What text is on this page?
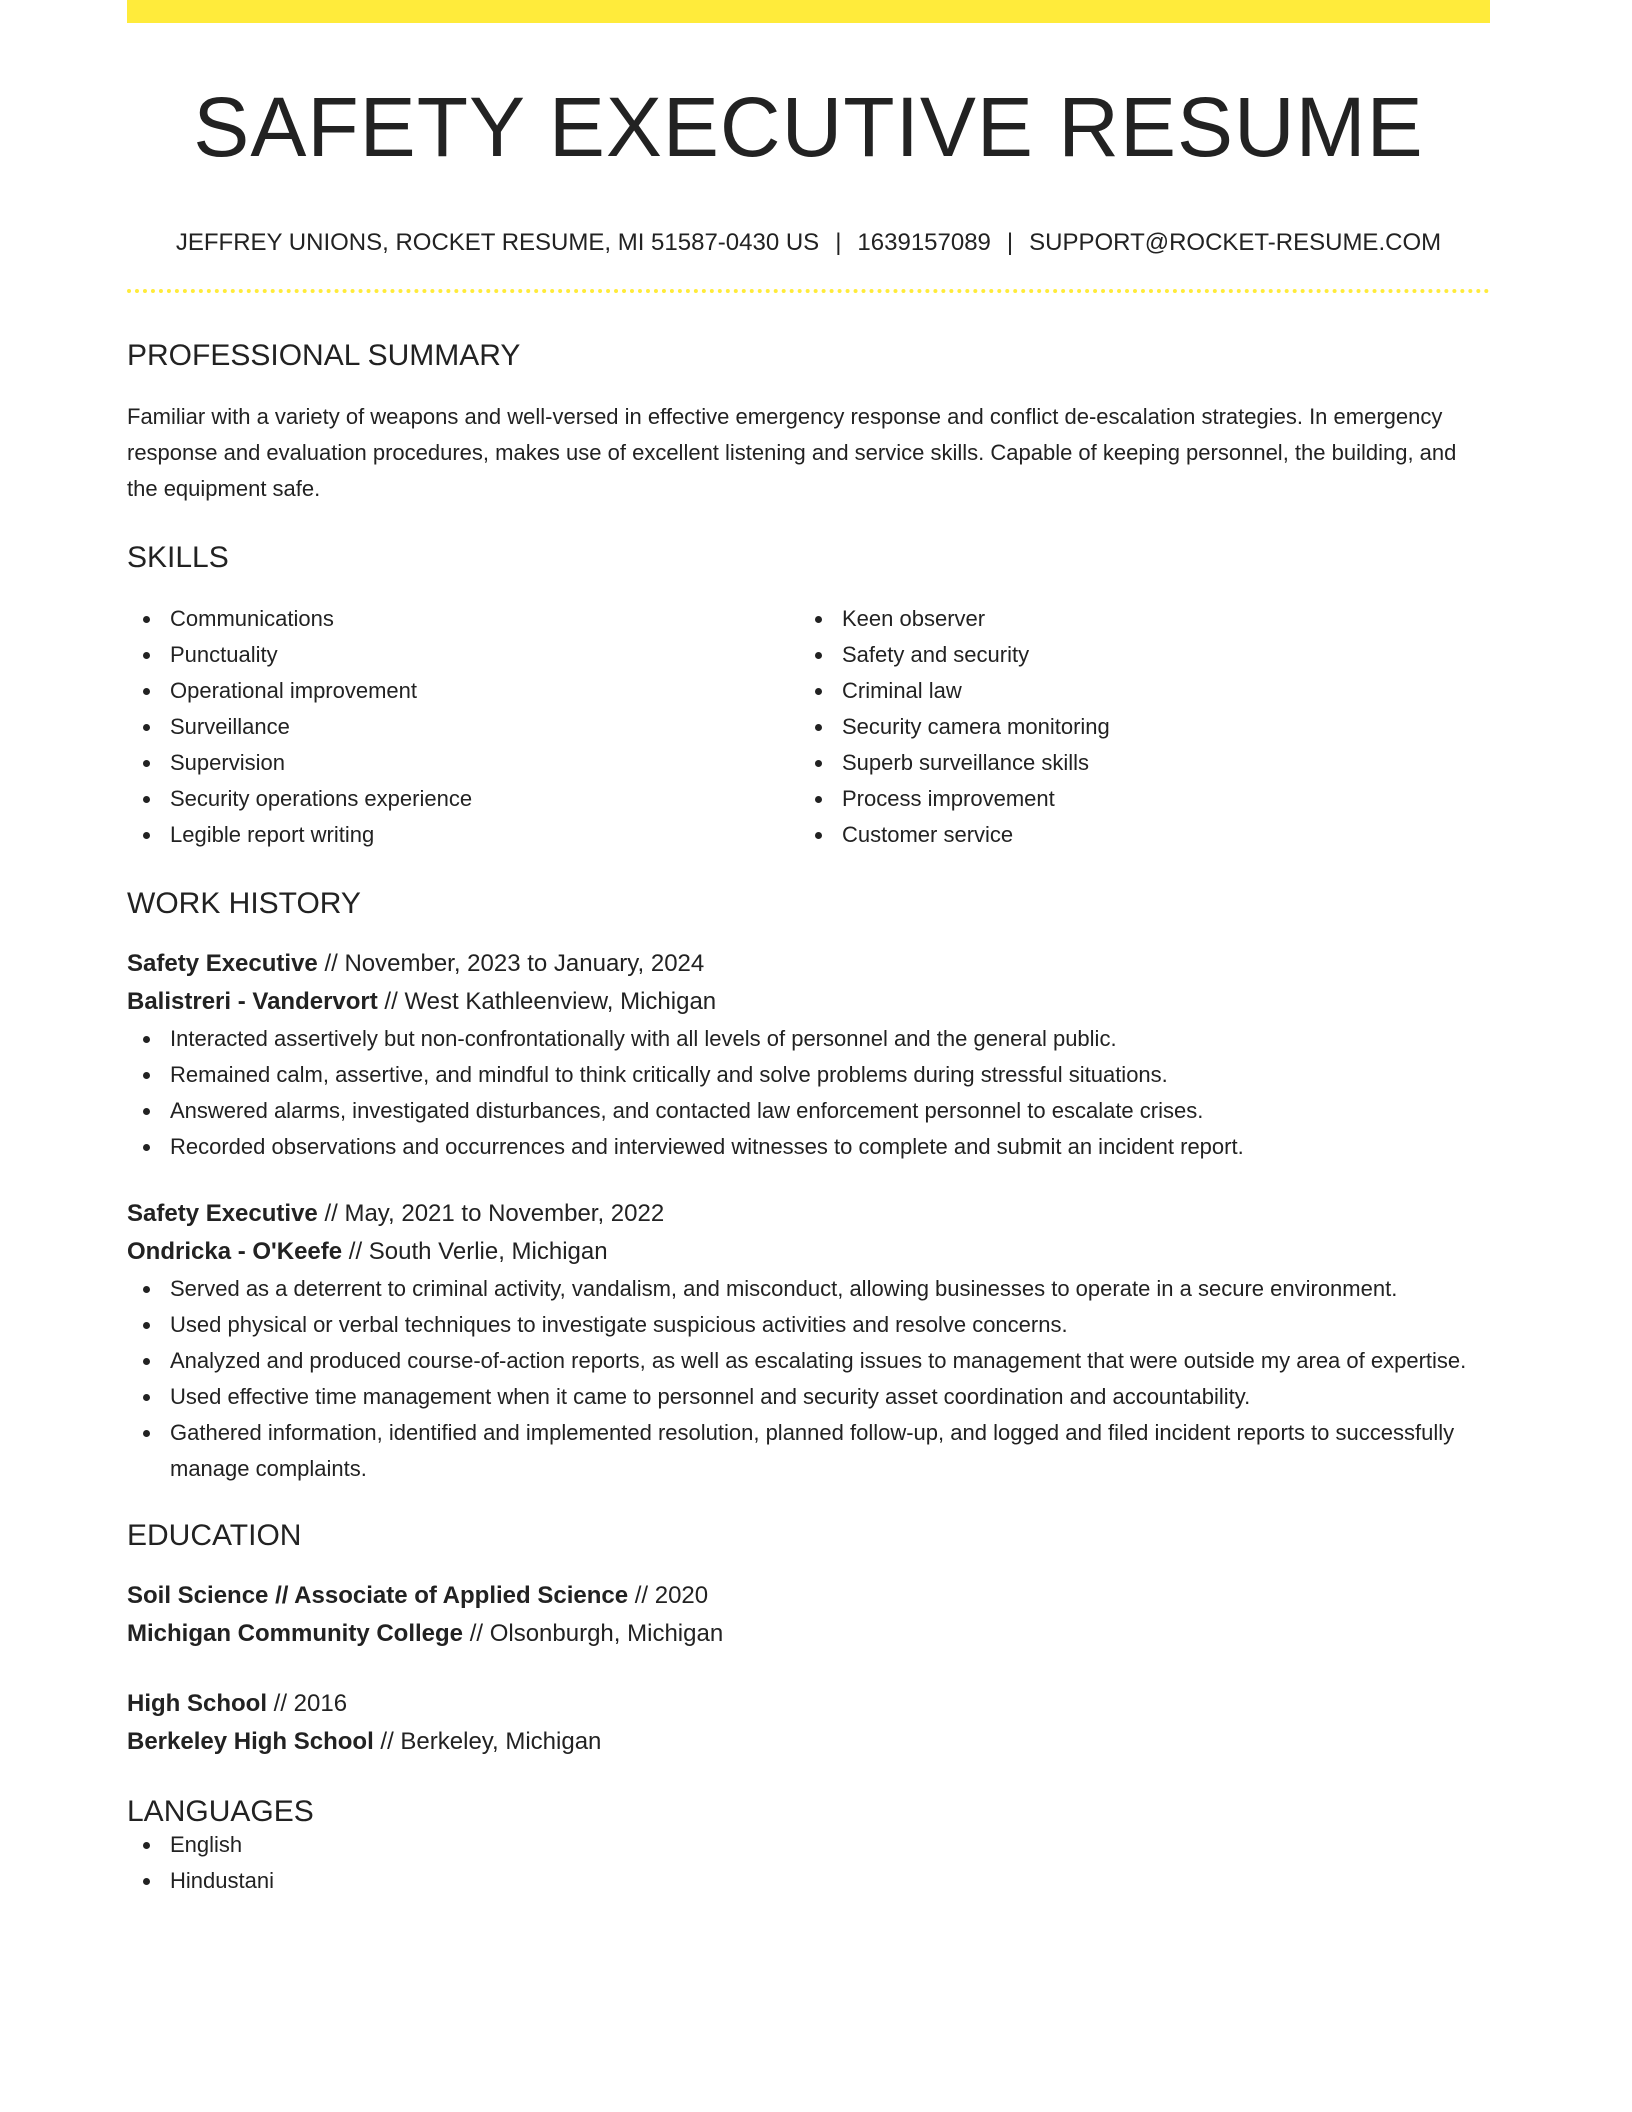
SAFETY EXECUTIVE RESUME
JEFFREY UNIONS, ROCKET RESUME, MI 51587-0430 US | 1639157089 | SUPPORT@ROCKET-RESUME.COM
PROFESSIONAL SUMMARY
Familiar with a variety of weapons and well-versed in effective emergency response and conflict de-escalation strategies. In emergency response and evaluation procedures, makes use of excellent listening and service skills. Capable of keeping personnel, the building, and the equipment safe.
SKILLS
Communications
Punctuality
Operational improvement
Surveillance
Supervision
Security operations experience
Legible report writing
Keen observer
Safety and security
Criminal law
Security camera monitoring
Superb surveillance skills
Process improvement
Customer service
WORK HISTORY
Safety Executive // November, 2023 to January, 2024
Balistreri - Vandervort // West Kathleenview, Michigan
Interacted assertively but non-confrontationally with all levels of personnel and the general public.
Remained calm, assertive, and mindful to think critically and solve problems during stressful situations.
Answered alarms, investigated disturbances, and contacted law enforcement personnel to escalate crises.
Recorded observations and occurrences and interviewed witnesses to complete and submit an incident report.
Safety Executive // May, 2021 to November, 2022
Ondricka - O'Keefe // South Verlie, Michigan
Served as a deterrent to criminal activity, vandalism, and misconduct, allowing businesses to operate in a secure environment.
Used physical or verbal techniques to investigate suspicious activities and resolve concerns.
Analyzed and produced course-of-action reports, as well as escalating issues to management that were outside my area of expertise.
Used effective time management when it came to personnel and security asset coordination and accountability.
Gathered information, identified and implemented resolution, planned follow-up, and logged and filed incident reports to successfully manage complaints.
EDUCATION
Soil Science // Associate of Applied Science // 2020
Michigan Community College // Olsonburgh, Michigan
High School // 2016
Berkeley High School // Berkeley, Michigan
LANGUAGES
English
Hindustani
